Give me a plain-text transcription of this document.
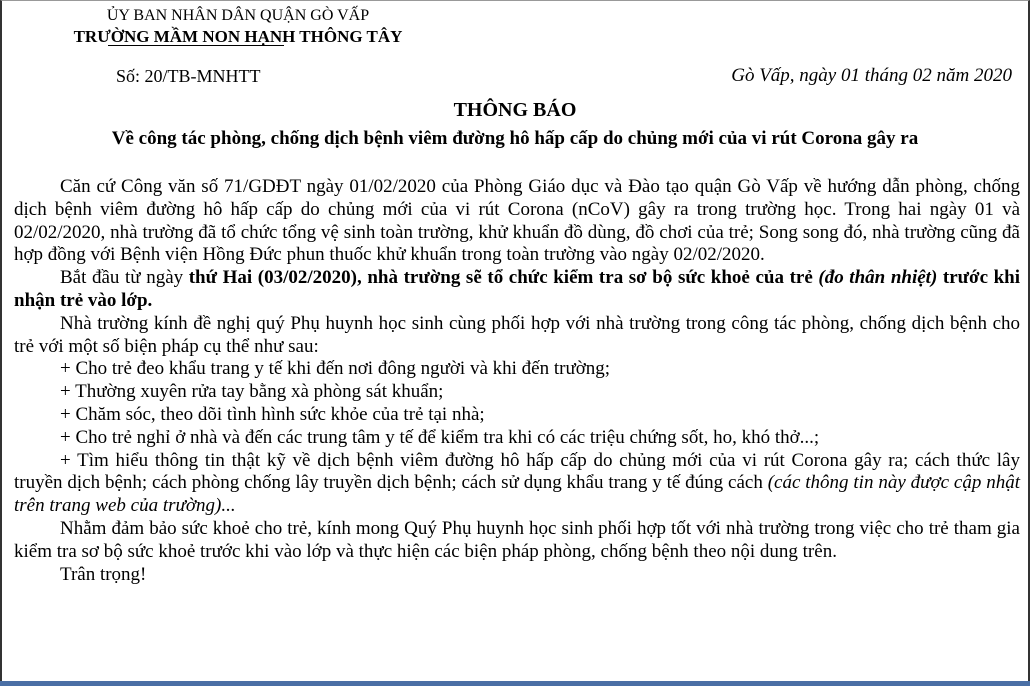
ỦY BAN NHÂN DÂN QUẬN GÒ VẤP
TRƯỜNG MẦM NON HẠNH THÔNG TÂY
Số: 20/TB-MNHTT	Gò Vấp, ngày 01 tháng 02 năm 2020
THÔNG BÁO
Về công tác phòng, chống dịch bệnh viêm đường hô hấp cấp do chủng mới của vi rút Corona gây ra

Căn cứ Công văn số 71/GDĐT ngày 01/02/2020 của Phòng Giáo dục và Đào tạo quận Gò Vấp về hướng dẫn phòng, chống dịch bệnh viêm đường hô hấp cấp do chủng mới của vi rút Corona (nCoV) gây ra trong trường học. Trong hai ngày 01 và 02/02/2020, nhà trường đã tổ chức tổng vệ sinh toàn trường, khử khuẩn đồ dùng, đồ chơi của trẻ; Song song đó, nhà trường cũng đã hợp đồng với Bệnh viện Hồng Đức phun thuốc khử khuẩn trong toàn trường vào ngày 02/02/2020.

Bắt đầu từ ngày thứ Hai (03/02/2020), nhà trường sẽ tổ chức kiểm tra sơ bộ sức khoẻ của trẻ (đo thân nhiệt) trước khi nhận trẻ vào lớp.

Nhà trường kính đề nghị quý Phụ huynh học sinh cùng phối hợp với nhà trường trong công tác phòng, chống dịch bệnh cho trẻ với một số biện pháp cụ thể như sau:

+ Cho trẻ đeo khẩu trang y tế khi đến nơi đông người và khi đến trường;

+ Thường xuyên rửa tay bằng xà phòng sát khuẩn;

+ Chăm sóc, theo dõi tình hình sức khỏe của trẻ tại nhà;

+ Cho trẻ nghỉ ở nhà và đến các trung tâm y tế để kiểm tra khi có các triệu chứng sốt, ho, khó thở...;

+ Tìm hiểu thông tin thật kỹ về dịch bệnh viêm đường hô hấp cấp do chủng mới của vi rút Corona gây ra; cách thức lây truyền dịch bệnh; cách phòng chống lây truyền dịch bệnh; cách sử dụng khẩu trang y tế đúng cách (các thông tin này được cập nhật trên trang web của trường)...

Nhằm đảm bảo sức khoẻ cho trẻ, kính mong Quý Phụ huynh học sinh phối hợp tốt với nhà trường trong việc cho trẻ tham gia kiểm tra sơ bộ sức khoẻ trước khi vào lớp và thực hiện các biện pháp phòng, chống bệnh theo nội dung trên.

Trân trọng!
